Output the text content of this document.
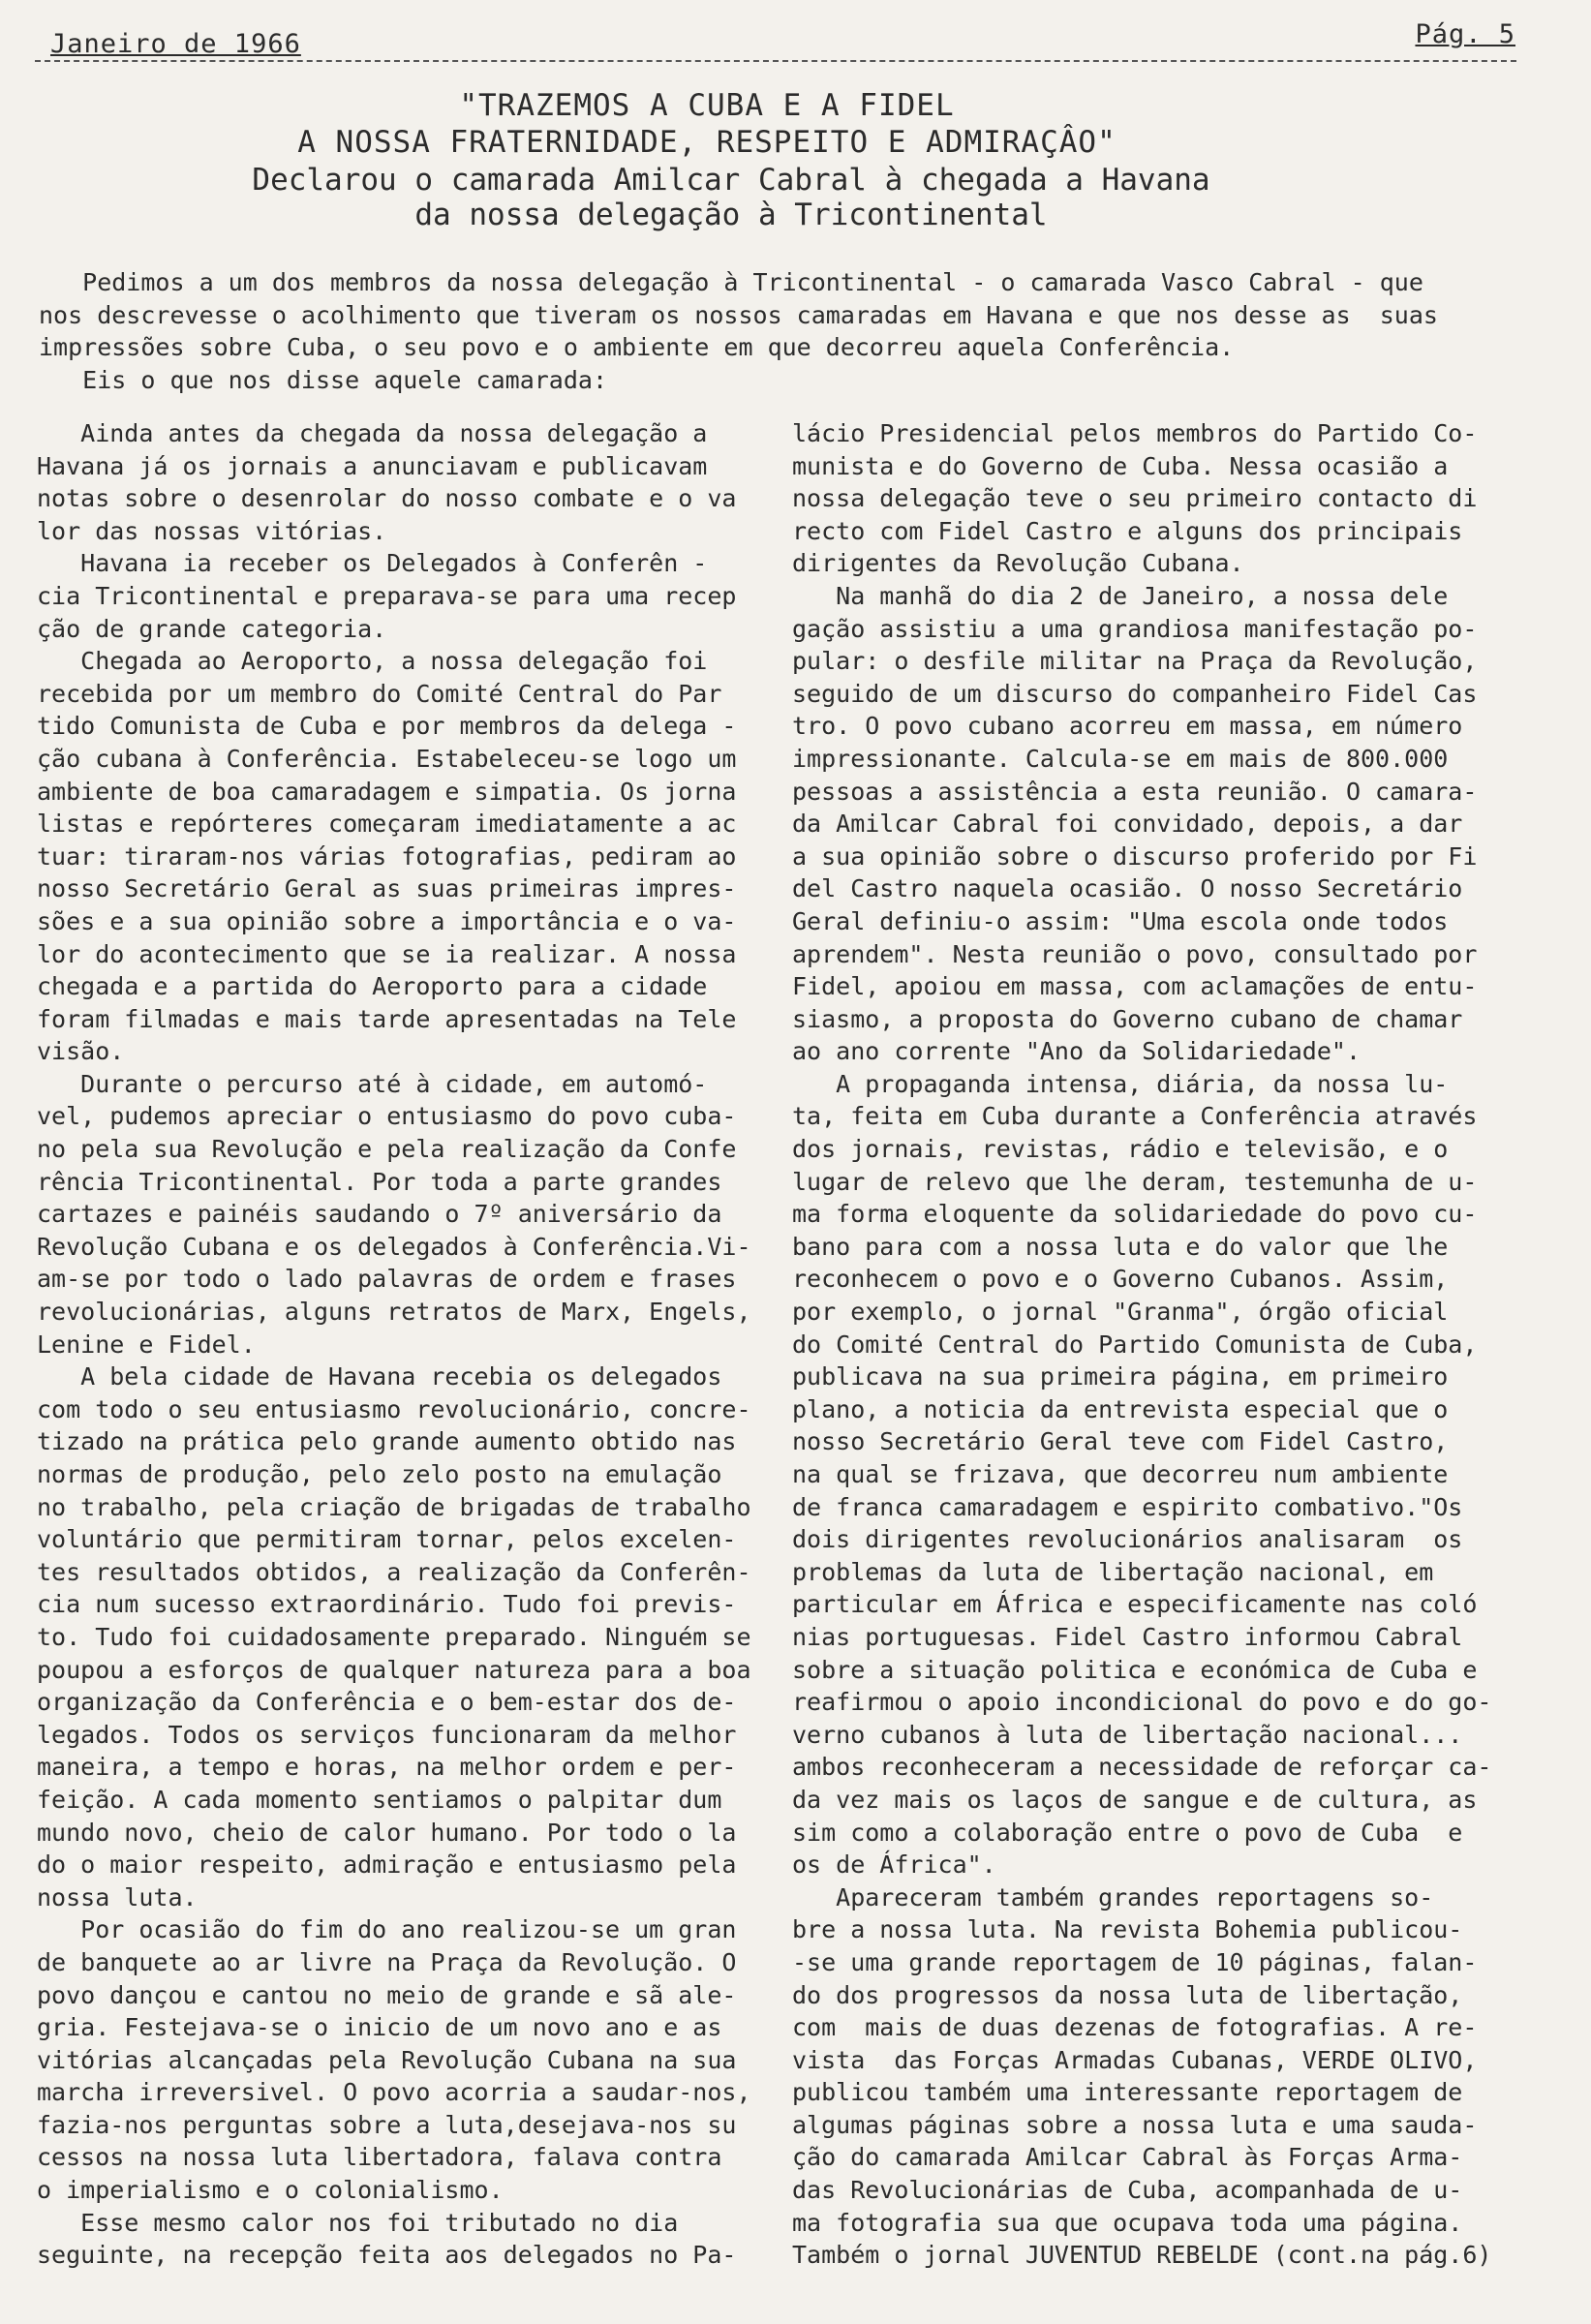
Janeiro de 1966	Pág. 5
"TRAZEMOS A CUBA E A FIDEL
A NOSSA FRATERNIDADE, RESPEITO E ADMIRAÇÂO"
Declarou o camarada Amilcar Cabral à chegada a Havana
da nossa delegação à Tricontinental
Pedimos a um dos membros da nossa delegação à Tricontinental - o camarada Vasco Cabral - que
nos descrevesse o acolhimento que tiveram os nossos camaradas em Havana e que nos desse as  suas
impressões sobre Cuba, o seu povo e o ambiente em que decorreu aquela Conferência.
Eis o que nos disse aquele camarada:
Ainda antes da chegada da nossa delegação a
Havana já os jornais a anunciavam e publicavam
notas sobre o desenrolar do nosso combate e o va
lor das nossas vitórias.
Havana ia receber os Delegados à Conferên -
cia Tricontinental e preparava-se para uma recep
ção de grande categoria.
Chegada ao Aeroporto, a nossa delegação foi
recebida por um membro do Comité Central do Par
tido Comunista de Cuba e por membros da delega -
ção cubana à Conferência. Estabeleceu-se logo um
ambiente de boa camaradagem e simpatia. Os jorna
listas e repórteres começaram imediatamente a ac
tuar: tiraram-nos várias fotografias, pediram ao
nosso Secretário Geral as suas primeiras impres-
sões e a sua opinião sobre a importância e o va-
lor do acontecimento que se ia realizar. A nossa
chegada e a partida do Aeroporto para a cidade
foram filmadas e mais tarde apresentadas na Tele
visão.
Durante o percurso até à cidade, em automó-
vel, pudemos apreciar o entusiasmo do povo cuba-
no pela sua Revolução e pela realização da Confe
rência Tricontinental. Por toda a parte grandes
cartazes e painéis saudando o 7º aniversário da
Revolução Cubana e os delegados à Conferência.Vi-
am-se por todo o lado palavras de ordem e frases
revolucionárias, alguns retratos de Marx, Engels,
Lenine e Fidel.
A bela cidade de Havana recebia os delegados
com todo o seu entusiasmo revolucionário, concre-
tizado na prática pelo grande aumento obtido nas
normas de produção, pelo zelo posto na emulação
no trabalho, pela criação de brigadas de trabalho
voluntário que permitiram tornar, pelos excelen-
tes resultados obtidos, a realização da Conferên-
cia num sucesso extraordinário. Tudo foi previs-
to. Tudo foi cuidadosamente preparado. Ninguém se
poupou a esforços de qualquer natureza para a boa
organização da Conferência e o bem-estar dos de-
legados. Todos os serviços funcionaram da melhor
maneira, a tempo e horas, na melhor ordem e per-
feição. A cada momento sentiamos o palpitar dum
mundo novo, cheio de calor humano. Por todo o la
do o maior respeito, admiração e entusiasmo pela
nossa luta.
Por ocasião do fim do ano realizou-se um gran
de banquete ao ar livre na Praça da Revolução. O
povo dançou e cantou no meio de grande e sã ale-
gria. Festejava-se o inicio de um novo ano e as
vitórias alcançadas pela Revolução Cubana na sua
marcha irreversivel. O povo acorria a saudar-nos,
fazia-nos perguntas sobre a luta,desejava-nos su
cessos na nossa luta libertadora, falava contra
o imperialismo e o colonialismo.
Esse mesmo calor nos foi tributado no dia
seguinte, na recepção feita aos delegados no Pa-
lácio Presidencial pelos membros do Partido Co-
munista e do Governo de Cuba. Nessa ocasião a
nossa delegação teve o seu primeiro contacto di
recto com Fidel Castro e alguns dos principais
dirigentes da Revolução Cubana.
Na manhã do dia 2 de Janeiro, a nossa dele
gação assistiu a uma grandiosa manifestação po-
pular: o desfile militar na Praça da Revolução,
seguido de um discurso do companheiro Fidel Cas
tro. O povo cubano acorreu em massa, em número
impressionante. Calcula-se em mais de 800.000
pessoas a assistência a esta reunião. O camara-
da Amilcar Cabral foi convidado, depois, a dar
a sua opinião sobre o discurso proferido por Fi
del Castro naquela ocasião. O nosso Secretário
Geral definiu-o assim: "Uma escola onde todos
aprendem". Nesta reunião o povo, consultado por
Fidel, apoiou em massa, com aclamações de entu-
siasmo, a proposta do Governo cubano de chamar
ao ano corrente "Ano da Solidariedade".
A propaganda intensa, diária, da nossa lu-
ta, feita em Cuba durante a Conferência através
dos jornais, revistas, rádio e televisão, e o
lugar de relevo que lhe deram, testemunha de u-
ma forma eloquente da solidariedade do povo cu-
bano para com a nossa luta e do valor que lhe
reconhecem o povo e o Governo Cubanos. Assim,
por exemplo, o jornal "Granma", órgão oficial
do Comité Central do Partido Comunista de Cuba,
publicava na sua primeira página, em primeiro
plano, a noticia da entrevista especial que o
nosso Secretário Geral teve com Fidel Castro,
na qual se frizava, que decorreu num ambiente
de franca camaradagem e espirito combativo."Os
dois dirigentes revolucionários analisaram  os
problemas da luta de libertação nacional, em
particular em África e especificamente nas coló
nias portuguesas. Fidel Castro informou Cabral
sobre a situação politica e económica de Cuba e
reafirmou o apoio incondicional do povo e do go-
verno cubanos à luta de libertação nacional...
ambos reconheceram a necessidade de reforçar ca-
da vez mais os laços de sangue e de cultura, as
sim como a colaboração entre o povo de Cuba  e
os de África".
Apareceram também grandes reportagens so-
bre a nossa luta. Na revista Bohemia publicou-
-se uma grande reportagem de 10 páginas, falan-
do dos progressos da nossa luta de libertação,
com  mais de duas dezenas de fotografias. A re-
vista  das Forças Armadas Cubanas, VERDE OLIVO,
publicou também uma interessante reportagem de
algumas páginas sobre a nossa luta e uma sauda-
ção do camarada Amilcar Cabral às Forças Arma-
das Revolucionárias de Cuba, acompanhada de u-
ma fotografia sua que ocupava toda uma página.
Também o jornal JUVENTUD REBELDE (cont.na pág.6)
